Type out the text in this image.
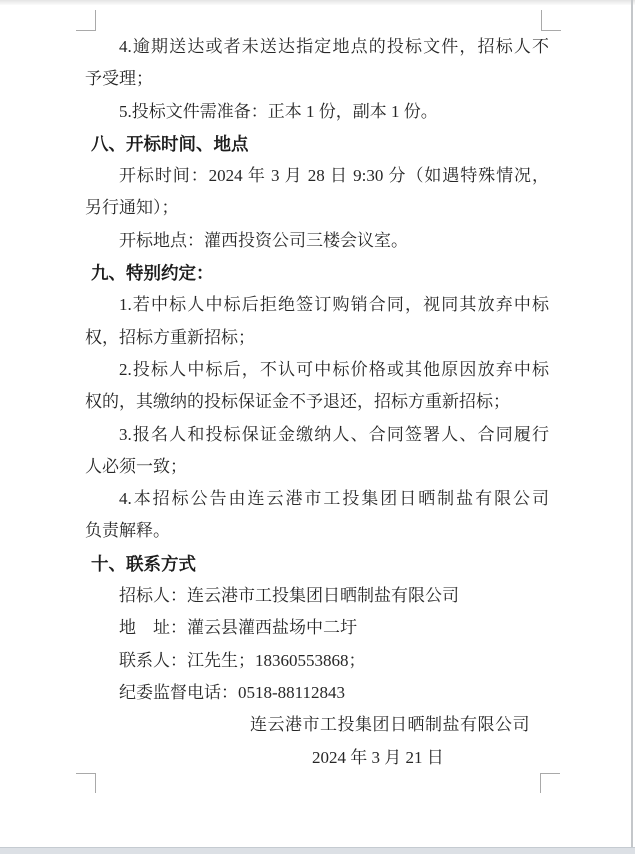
4.逾期送达或者未送达指定地点的投标文件，招标人不
予受理；
5.投标文件需准备：正本 1 份，副本 1 份。
八、开标时间、地点
开标时间：2024 年 3 月 28 日 9:30 分（如遇特殊情况，
另行通知）；
开标地点：灌西投资公司三楼会议室。
九、特别约定：
1.若中标人中标后拒绝签订购销合同，视同其放弃中标
权，招标方重新招标；
2.投标人中标后，不认可中标价格或其他原因放弃中标
权的，其缴纳的投标保证金不予退还，招标方重新招标；
3.报名人和投标保证金缴纳人、合同签署人、合同履行
人必须一致；
4.本招标公告由连云港市工投集团日晒制盐有限公司
负责解释。
十、联系方式
招标人：连云港市工投集团日晒制盐有限公司
地　址：灌云县灌西盐场中二圩
联系人：江先生；18360553868；
纪委监督电话：0518-88112843
连云港市工投集团日晒制盐有限公司
2024 年 3 月 21 日
